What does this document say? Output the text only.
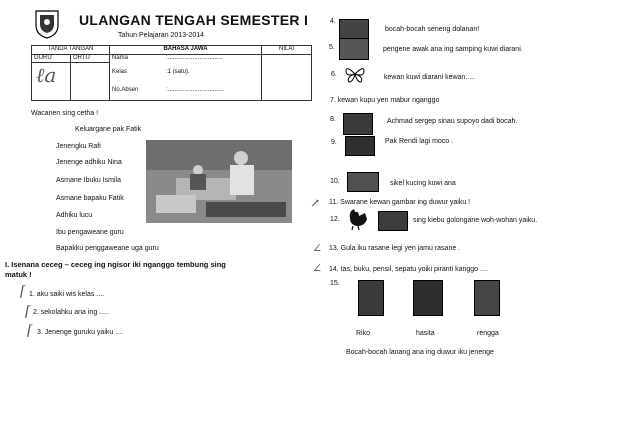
ULANGAN TENGAH SEMESTER I
Tahun Pelajaran 2013-2014
TANDA TANGAN		BAHASA JAWA		NILAI
GURU	ORTU	Nama	:.................................	

ℓa		Kelas	:1 (satu).	
		No.Absen	:..................................	
Wacanen sing cetha !
Keluargane pak Fatik
Jenengku Rafi
Jenenge adhiku Nina
Asmane Ibuku Ismila
Asmane bapaku Fatik
Adhiku lucu
Ibu pengaweane guru
Bapakku penggaweane uga guru
I. Isenana ceceg – ceceg ing ngisor iki nganggo tembung sing
matuk !
1. aku saiki wis kelas ....
2. sekolahku ana ing .....
3. Jenenge guruku yaiku ....
⌈
⌈
⌈
4.
bocah-bocah seneng dolanan!
5.	pengene awak ana ing samping kuwi diarani.
6.	kewan kuwi diarani kewan.....
7. kewan kupu yen mabur nganggo
8.	Achmad sergep sinau supoyo dadi bocah.
9.	Pak Rendi lagi moco .
10.	sikel kucing kuwi ana
11. Swarane kewan gambar ing duwur yaiku !
↗
12.	sing kiebu golongane woh-wohan yaiku.
13. Gula iku rasane legi yen jamu rasane .
14. tas, buku, pensil, sepatu yoiki piranti kanggo ....
∠
∠
15.
Riko	hasita	rengga
Bocah-bocah lanang ana ing duwur iku jenenge
